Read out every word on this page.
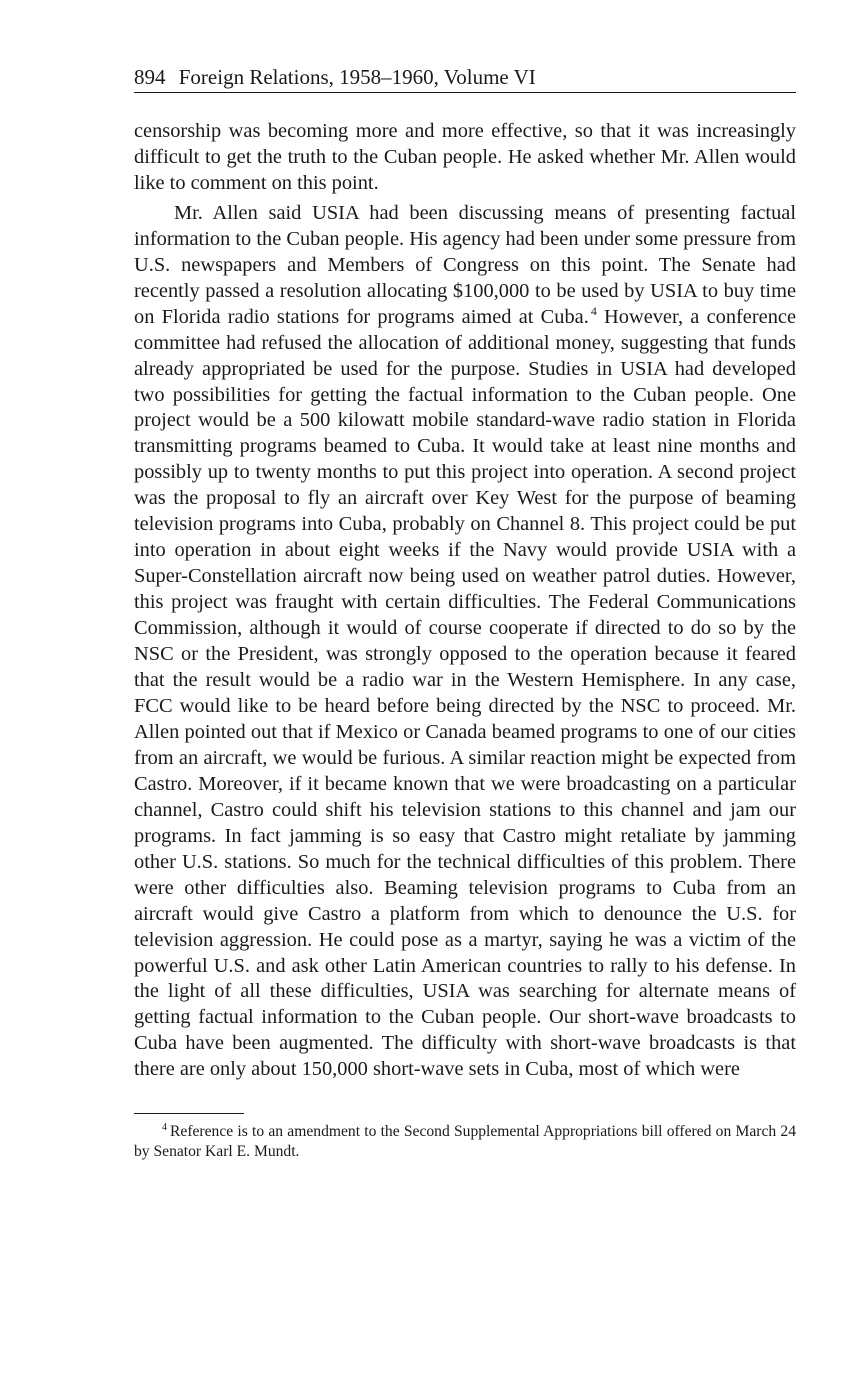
894 Foreign Relations, 1958–1960, Volume VI

censorship was becoming more and more effective, so that it was increasingly difficult to get the truth to the Cuban people. He asked whether Mr. Allen would like to comment on this point.

Mr. Allen said USIA had been discussing means of presenting factual information to the Cuban people. His agency had been under some pressure from U.S. newspapers and Members of Congress on this point. The Senate had recently passed a resolution allocating $100,000 to be used by USIA to buy time on Florida radio stations for programs aimed at Cuba. $^4$ However, a conference committee had refused the allocation of additional money, suggesting that funds already appropriated be used for the purpose. Studies in USIA had developed two possibilities for getting the factual information to the Cuban people. One project would be a 500 kilowatt mobile standard-wave radio station in Florida transmitting programs beamed to Cuba. It would take at least nine months and possibly up to twenty months to put this project into operation. A second project was the proposal to fly an aircraft over Key West for the purpose of beaming television programs into Cuba, probably on Channel 8. This project could be put into operation in about eight weeks if the Navy would provide USIA with a Super-Constellation aircraft now being used on weather patrol duties. However, this project was fraught with certain difficulties. The Federal Communications Commission, although it would of course cooperate if directed to do so by the NSC or the President, was strongly opposed to the operation because it feared that the result would be a radio war in the Western Hemisphere. In any case, FCC would like to be heard before being directed by the NSC to proceed. Mr. Allen pointed out that if Mexico or Canada beamed programs to one of our cities from an aircraft, we would be furious. A similar reaction might be expected from Castro. Moreover, if it became known that we were broadcasting on a particular channel, Castro could shift his television stations to this channel and jam our programs. In fact jamming is so easy that Castro might retaliate by jamming other U.S. stations. So much for the technical difficulties of this problem. There were other difficulties also. Beaming television programs to Cuba from an aircraft would give Castro a platform from which to denounce the U.S. for television aggression. He could pose as a martyr, saying he was a victim of the powerful U.S. and ask other Latin American countries to rally to his defense. In the light of all these difficulties, USIA was searching for alternate means of getting factual information to the Cuban people. Our short-wave broadcasts to Cuba have been augmented. The difficulty with short-wave broadcasts is that there are only about 150,000 short-wave sets in Cuba, most of which were

$^4$ Reference is to an amendment to the Second Supplemental Appropriations bill offered on March 24 by Senator Karl E. Mundt.
